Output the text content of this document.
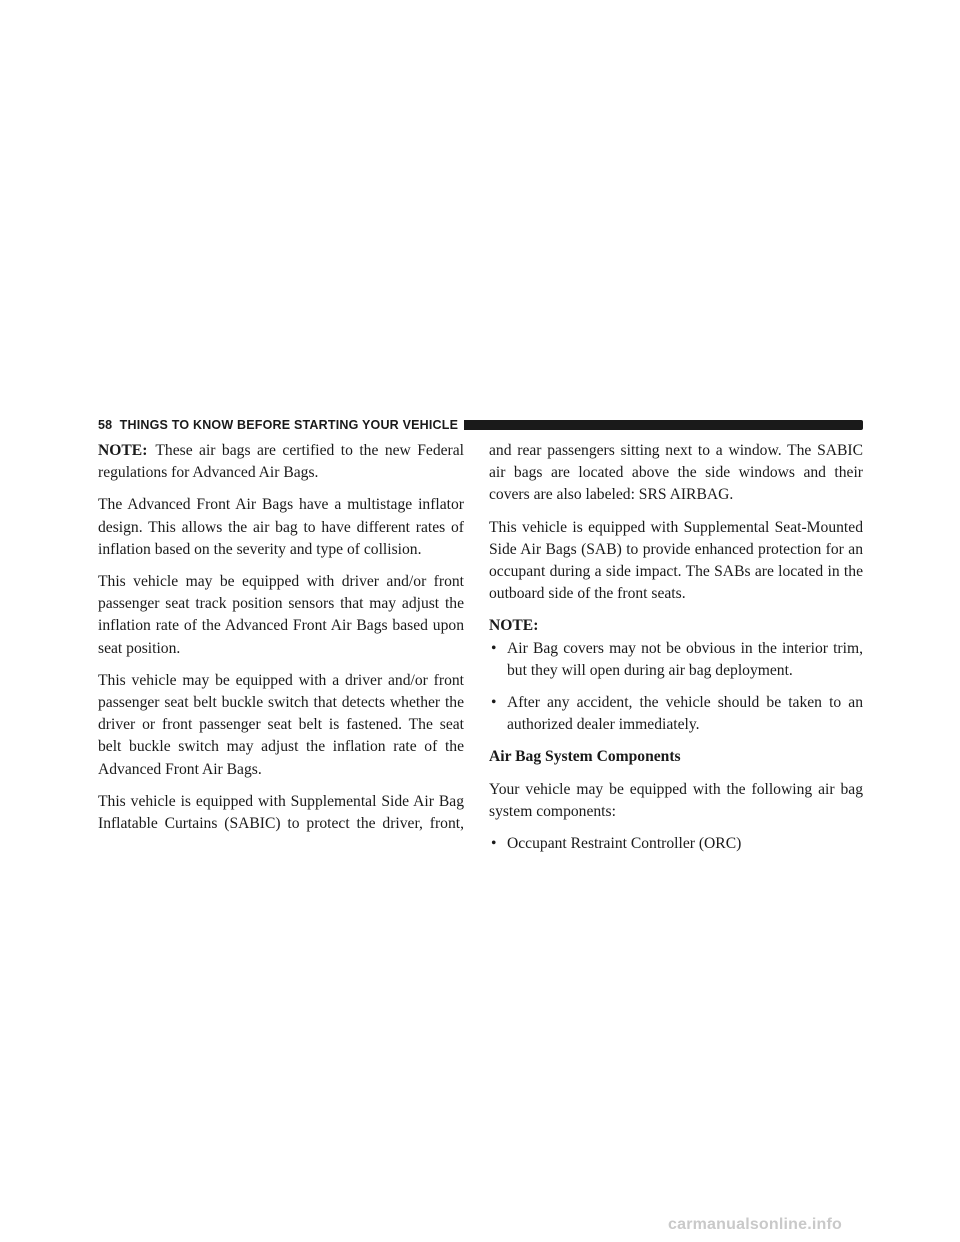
58 THINGS TO KNOW BEFORE STARTING YOUR VEHICLE

NOTE: These air bags are certified to the new Federal regulations for Advanced Air Bags.

The Advanced Front Air Bags have a multistage inflator design. This allows the air bag to have different rates of inflation based on the severity and type of collision.

This vehicle may be equipped with driver and/or front passenger seat track position sensors that may adjust the inflation rate of the Advanced Front Air Bags based upon seat position.

This vehicle may be equipped with a driver and/or front passenger seat belt buckle switch that detects whether the driver or front passenger seat belt is fastened. The seat belt buckle switch may adjust the inflation rate of the Advanced Front Air Bags.

This vehicle is equipped with Supplemental Side Air Bag Inflatable Curtains (SABIC) to protect the driver, front,

and rear passengers sitting next to a window. The SABIC air bags are located above the side windows and their covers are also labeled: SRS AIRBAG.

This vehicle is equipped with Supplemental Seat-Mounted Side Air Bags (SAB) to provide enhanced protection for an occupant during a side impact. The SABs are located in the outboard side of the front seats.

NOTE:

• Air Bag covers may not be obvious in the interior trim, but they will open during air bag deployment.
• After any accident, the vehicle should be taken to an authorized dealer immediately.

Air Bag System Components

Your vehicle may be equipped with the following air bag system components:

• Occupant Restraint Controller (ORC)
carmanualsonline.info
